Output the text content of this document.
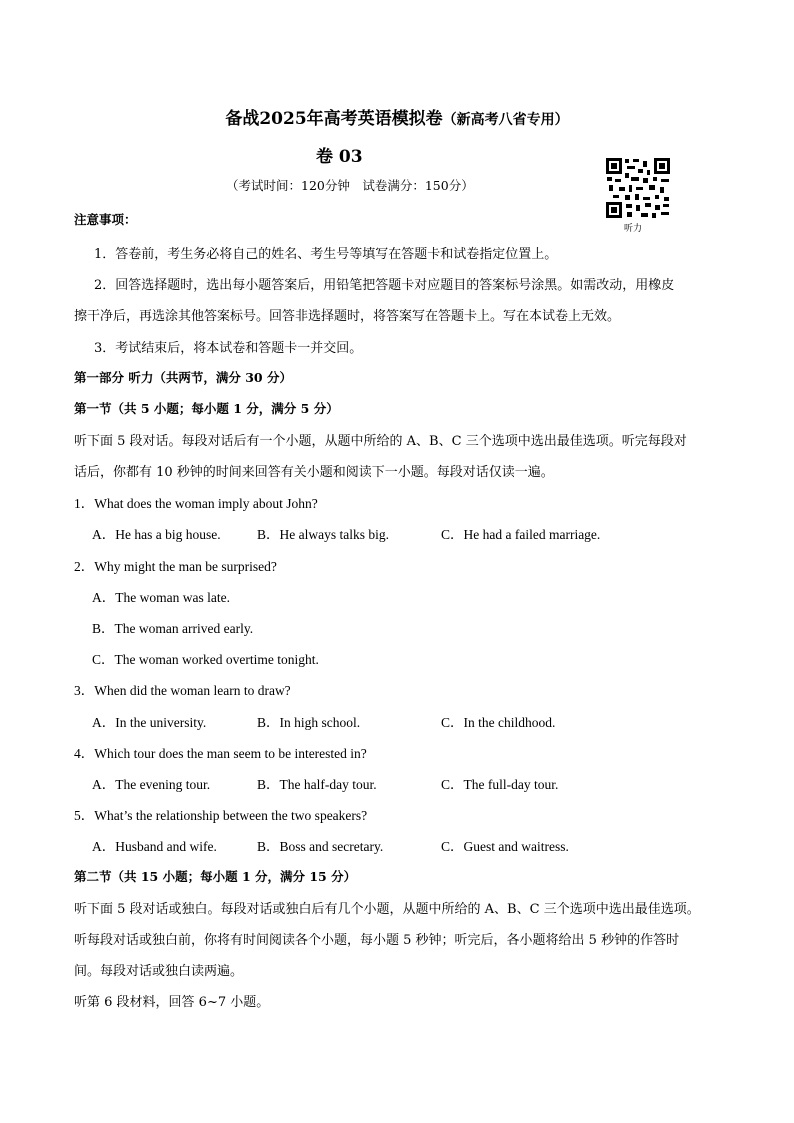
备战2025年高考英语模拟卷（新高考八省专用）
卷 03
（考试时间：120分钟　试卷满分：150分）
听力
注意事项：
1．答卷前，考生务必将自己的姓名、考生号等填写在答题卡和试卷指定位置上。
2．回答选择题时，选出每小题答案后，用铅笔把答题卡对应题目的答案标号涂黑。如需改动，用橡皮
擦干净后，再选涂其他答案标号。回答非选择题时，将答案写在答题卡上。写在本试卷上无效。
3．考试结束后，将本试卷和答题卡一并交回。
第一部分 听力（共两节，满分 30 分）
第一节（共 5 小题；每小题 1 分，满分 5 分）
听下面 5 段对话。每段对话后有一个小题，从题中所给的 A、B、C 三个选项中选出最佳选项。听完每段对
话后，你都有 10 秒钟的时间来回答有关小题和阅读下一小题。每段对话仅读一遍。
1．What does the woman imply about John?
A．He has a big house.	B．He always talks big.	C．He had a failed marriage.
2．Why might the man be surprised?
A．The woman was late.
B．The woman arrived early.
C．The woman worked overtime tonight.
3．When did the woman learn to draw?
A．In the university.	B．In high school.	C．In the childhood.
4．Which tour does the man seem to be interested in?
A．The evening tour.	B．The half-day tour.	C．The full-day tour.
5．What’s the relationship between the two speakers?
A．Husband and wife.	B．Boss and secretary.	C．Guest and waitress.
第二节（共 15 小题；每小题 1 分，满分 15 分）
听下面 5 段对话或独白。每段对话或独白后有几个小题，从题中所给的 A、B、C 三个选项中选出最佳选项。
听每段对话或独白前，你将有时间阅读各个小题，每小题 5 秒钟；听完后，各小题将给出 5 秒钟的作答时
间。每段对话或独白读两遍。
听第 6 段材料，回答 6~7 小题。
